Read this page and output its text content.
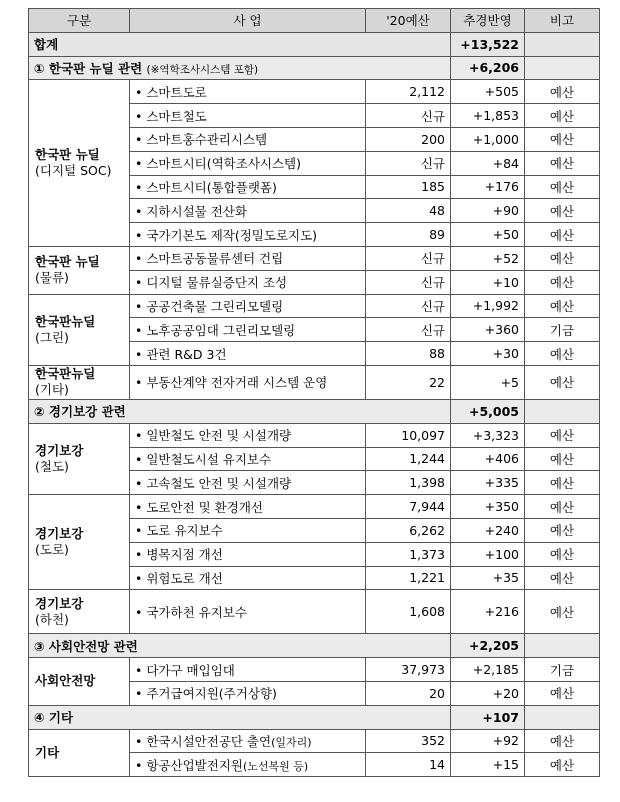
구분	사 업	'20예산	추경반영	비고
합계			+13,522	
① 한국판 뉴딜 관련 (※역학조사시스템 포함)			+6,206	
한국판 뉴딜
(디지털 SOC)	• 스마트도로	2,112	+505	예산
	• 스마트철도	신규	+1,853	예산
	• 스마트홍수관리시스템	200	+1,000	예산
	• 스마트시티(역학조사시스템)	신규	+84	예산
	• 스마트시티(통합플랫폼)	185	+176	예산
	• 지하시설물 전산화	48	+90	예산
	• 국가기본도 제작(정밀도로지도)	89	+50	예산
한국판 뉴딜
(물류)	• 스마트공동물류센터 건립	신규	+52	예산
	• 디지털 물류실증단지 조성	신규	+10	예산
한국판뉴딜
(그린)	• 공공건축물 그린리모델링	신규	+1,992	예산
	• 노후공공임대 그린리모델링	신규	+360	기금
	• 관련 R&D 3건	88	+30	예산
한국판뉴딜
(기타)	• 부동산계약 전자거래 시스템 운영	22	+5	예산
② 경기보강 관련			+5,005	
경기보강
(철도)	• 일반철도 안전 및 시설개량	10,097	+3,323	예산
	• 일반철도시설 유지보수	1,244	+406	예산
	• 고속철도 안전 및 시설개량	1,398	+335	예산
경기보강
(도로)	• 도로안전 및 환경개선	7,944	+350	예산
	• 도로 유지보수	6,262	+240	예산
	• 병목지점 개선	1,373	+100	예산
	• 위험도로 개선	1,221	+35	예산
경기보강
(하천)	• 국가하천 유지보수	1,608	+216	예산
③ 사회안전망 관련			+2,205	
사회안전망	• 다가구 매입임대	37,973	+2,185	기금
	• 주거급여지원(주거상향)	20	+20	예산
④ 기타			+107	
기타	• 한국시설안전공단 출연(일자리)	352	+92	예산
	• 항공산업발전지원(노선복원 등)	14	+15	예산
